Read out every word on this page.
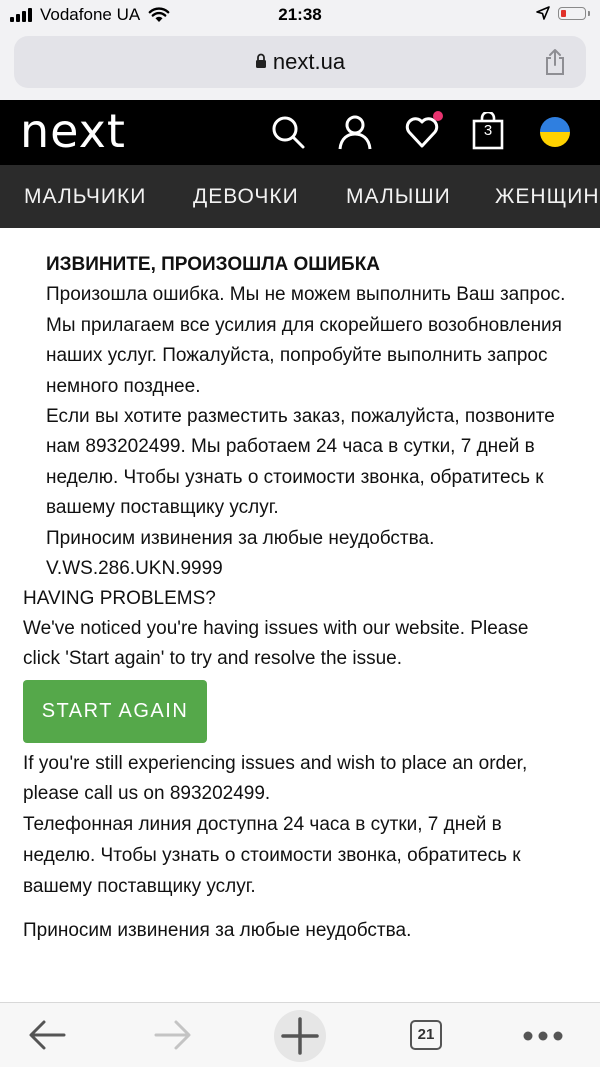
Vodafone UA	21:38
next.ua
next	3
МАЛЬЧИКИ ДЕВОЧКИ МАЛЫШИ ЖЕНЩИН

ИЗВИНИТЕ, ПРОИЗОШЛА ОШИБКА

Произошла ошибка. Мы не можем выполнить Ваш запрос.

Мы прилагаем все усилия для скорейшего возобновления наших услуг. Пожалуйста, попробуйте выполнить запрос немного позднее.

Если вы хотите разместить заказ, пожалуйста, позвоните нам 893202499. Мы работаем 24 часа в сутки, 7 дней в неделю. Чтобы узнать о стоимости звонка, обратитесь к вашему поставщику услуг.

Приносим извинения за любые неудобства.

V.WS.286.UKN.9999

HAVING PROBLEMS?

We've noticed you're having issues with our website. Please click 'Start again' to try and resolve the issue.

START AGAIN

If you're still experiencing issues and wish to place an order, please call us on 893202499.

Телефонная линия доступна 24 часа в сутки, 7 дней в неделю. Чтобы узнать о стоимости звонка, обратитесь к вашему поставщику услуг.

Приносим извинения за любые неудобства.

21
